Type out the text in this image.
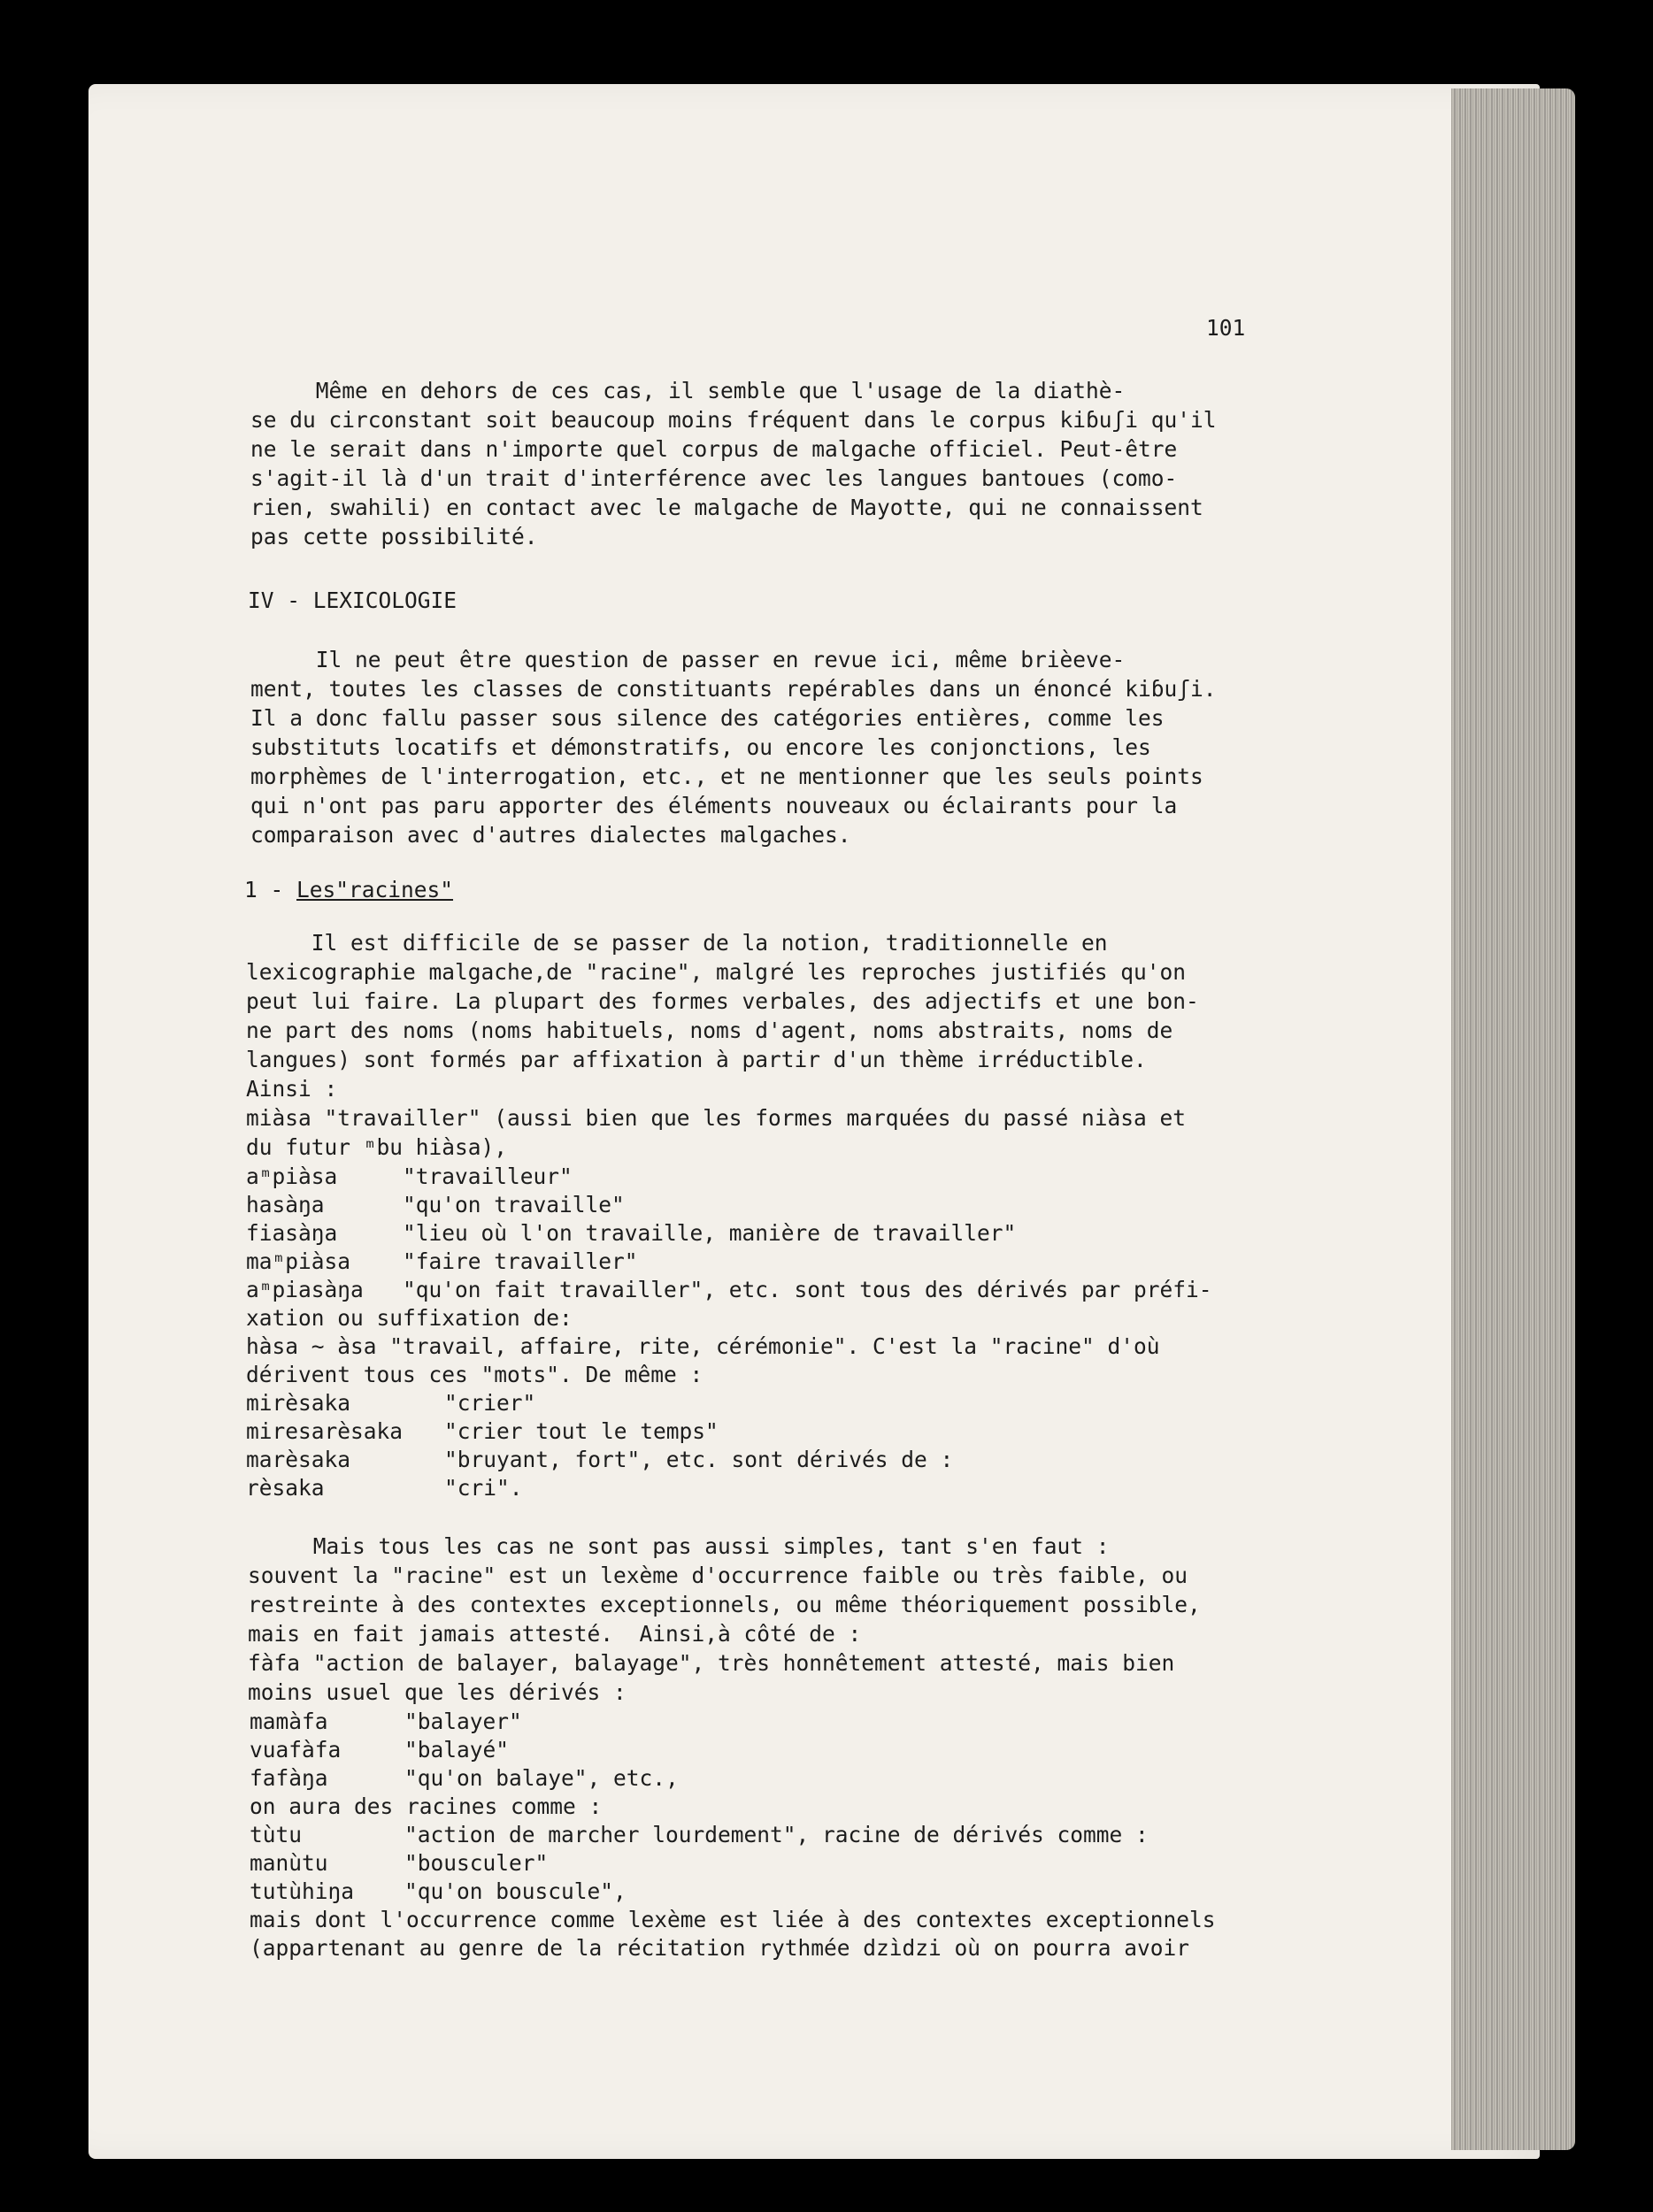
101
Même en dehors de ces cas, il semble que l'usage de la diathè-
se du circonstant soit beaucoup moins fréquent dans le corpus kiɓuʃi qu'il
ne le serait dans n'importe quel corpus de malgache officiel. Peut-être
s'agit-il là d'un trait d'interférence avec les langues bantoues (como-
rien, swahili) en contact avec le malgache de Mayotte, qui ne connaissent
pas cette possibilité.
IV - LEXICOLOGIE
Il ne peut être question de passer en revue ici, même brièeve-
ment, toutes les classes de constituants repérables dans un énoncé kiɓuʃi.
Il a donc fallu passer sous silence des catégories entières, comme les
substituts locatifs et démonstratifs, ou encore les conjonctions, les
morphèmes de l'interrogation, etc., et ne mentionner que les seuls points
qui n'ont pas paru apporter des éléments nouveaux ou éclairants pour la
comparaison avec d'autres dialectes malgaches.
1 - Les"racines"
Il est difficile de se passer de la notion, traditionnelle en
lexicographie malgache,de "racine", malgré les reproches justifiés qu'on
peut lui faire. La plupart des formes verbales, des adjectifs et une bon-
ne part des noms (noms habituels, noms d'agent, noms abstraits, noms de
langues) sont formés par affixation à partir d'un thème irréductible.
Ainsi :
miàsa "travailler" (aussi bien que les formes marquées du passé niàsa et
du futur ᵐbu hiàsa),
aᵐpiàsa	"travailleur"
hasàŋa	"qu'on travaille"
fiasàŋa	"lieu où l'on travaille, manière de travailler"
maᵐpiàsa "faire travailler"
aᵐpiasàŋa "qu'on fait travailler", etc. sont tous des dérivés par préfi-
xation ou suffixation de:
hàsa ~ àsa "travail, affaire, rite, cérémonie". C'est la "racine" d'où
dérivent tous ces "mots". De même :
mirèsaka	"crier"
miresarèsaka "crier tout le temps"
marèsaka	"bruyant, fort", etc. sont dérivés de :
rèsaka	"cri".
Mais tous les cas ne sont pas aussi simples, tant s'en faut :
souvent la "racine" est un lexème d'occurrence faible ou très faible, ou
restreinte à des contextes exceptionnels, ou même théoriquement possible,
mais en fait jamais attesté.  Ainsi,à côté de :
fàfa "action de balayer, balayage", très honnêtement attesté, mais bien
moins usuel que les dérivés :
mamàfa	"balayer"
vuafàfa	"balayé"
fafàŋa	"qu'on balaye", etc.,
on aura des racines comme :
tùtu	"action de marcher lourdement", racine de dérivés comme :
manùtu	"bousculer"
tutùhiŋa "qu'on bouscule",
mais dont l'occurrence comme lexème est liée à des contextes exceptionnels
(appartenant au genre de la récitation rythmée dzìdzi où on pourra avoir
